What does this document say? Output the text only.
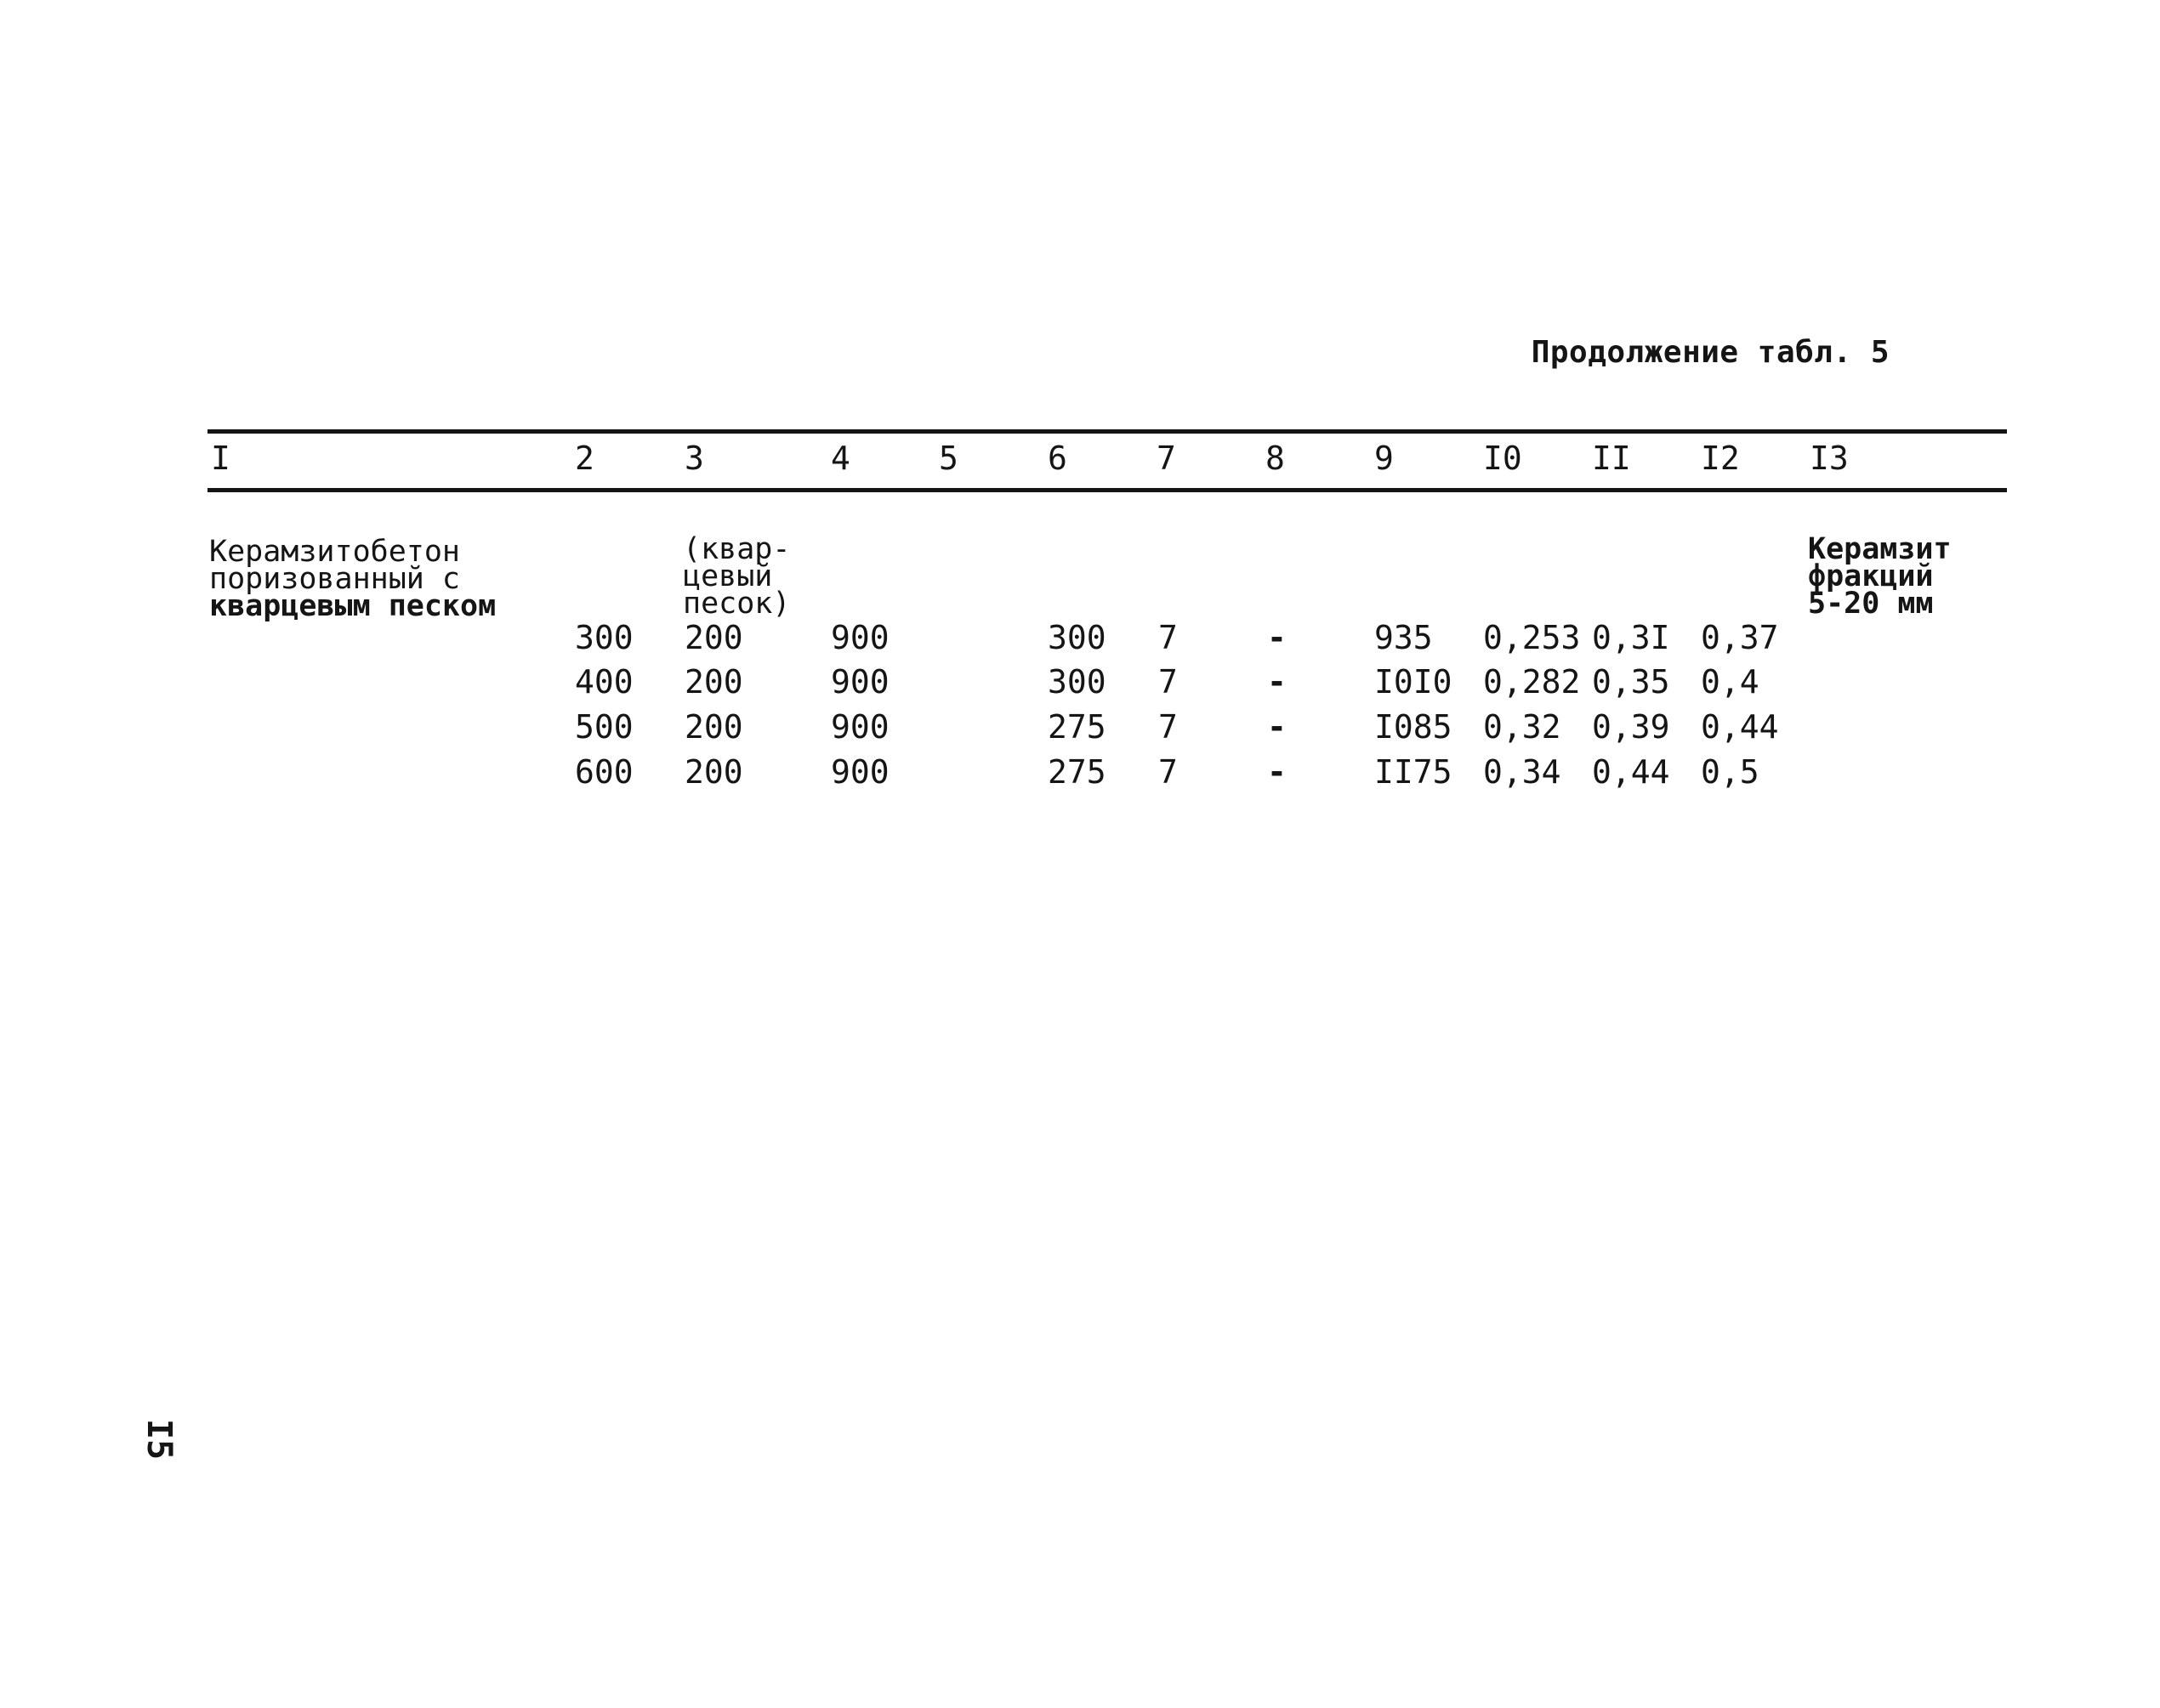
Продолжение табл. 5
I	2	3	4	5	6	7	8	9	I0 II I2 I3
Керамзитобетон
поризованный с
кварцевым песком
(квар-
цевый
песок)
Керамзит
фракций
5-20 мм
300 200	900	300 7	-	935 0,253 0,3I 0,37
400 200	900	300 7	-	I0I0 0,282 0,35 0,4
500 200	900	275 7	-	I085 0,32 0,39 0,44
600 200	900	275 7	-	II75 0,34 0,44 0,5
I5
